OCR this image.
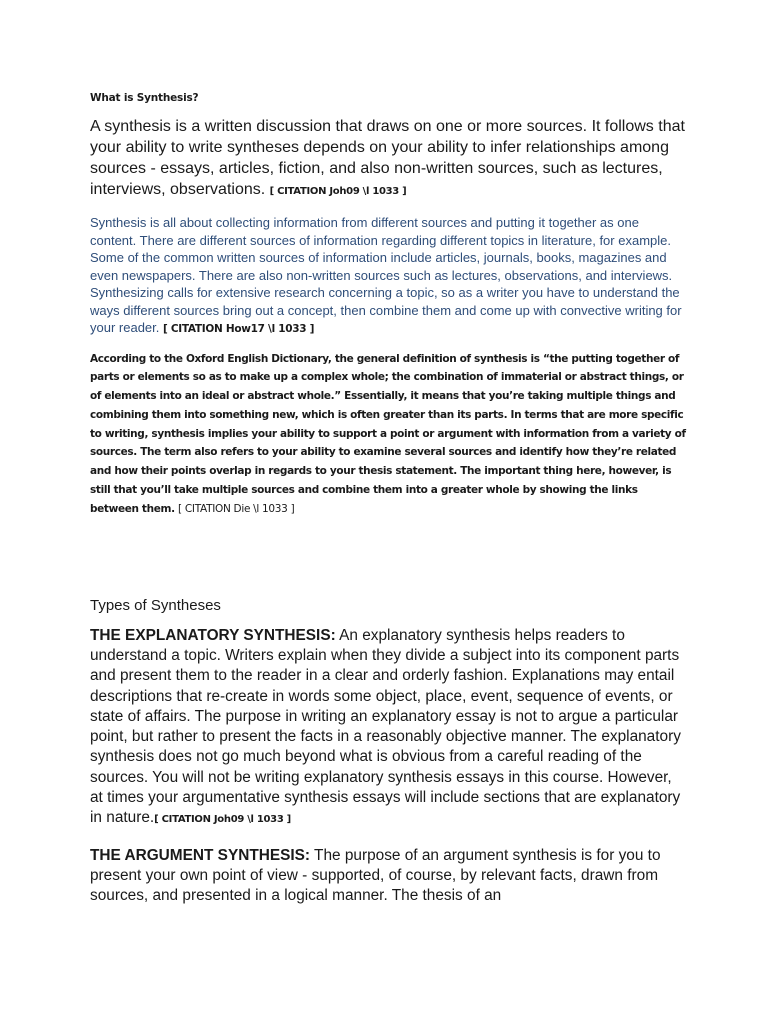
What is Synthesis?

A synthesis is a written discussion that draws on one or more sources. It follows that your ability to write syntheses depends on your ability to infer relationships among sources - essays, articles, fiction, and also non-written sources, such as lectures, interviews, observations. [ CITATION Joh09 \l 1033 ]

Synthesis is all about collecting information from different sources and putting it together as one content. There are different sources of information regarding different topics in literature, for example. Some of the common written sources of information include articles, journals, books, magazines and even newspapers. There are also non-written sources such as lectures, observations, and interviews. Synthesizing calls for extensive research concerning a topic, so as a writer you have to understand the ways different sources bring out a concept, then combine them and come up with convective writing for your reader. [ CITATION How17 \l 1033 ]

According to the Oxford English Dictionary, the general definition of synthesis is “the putting together of parts or elements so as to make up a complex whole; the combination of immaterial or abstract things, or of elements into an ideal or abstract whole.” Essentially, it means that you’re taking multiple things and combining them into something new, which is often greater than its parts. In terms that are more specific to writing, synthesis implies your ability to support a point or argument with information from a variety of sources. The term also refers to your ability to examine several sources and identify how they’re related and how their points overlap in regards to your thesis statement. The important thing here, however, is still that you’ll take multiple sources and combine them into a greater whole by showing the links between them. [ CITATION Die \l 1033 ]

Types of Syntheses

THE EXPLANATORY SYNTHESIS: An explanatory synthesis helps readers to understand a topic. Writers explain when they divide a subject into its component parts and present them to the reader in a clear and orderly fashion. Explanations may entail descriptions that re-create in words some object, place, event, sequence of events, or state of affairs. The purpose in writing an explanatory essay is not to argue a particular point, but rather to present the facts in a reasonably objective manner. The explanatory synthesis does not go much beyond what is obvious from a careful reading of the sources. You will not be writing explanatory synthesis essays in this course. However, at times your argumentative synthesis essays will include sections that are explanatory in nature.[ CITATION Joh09 \l 1033 ]

THE ARGUMENT SYNTHESIS: The purpose of an argument synthesis is for you to present your own point of view - supported, of course, by relevant facts, drawn from sources, and presented in a logical manner. The thesis of an
